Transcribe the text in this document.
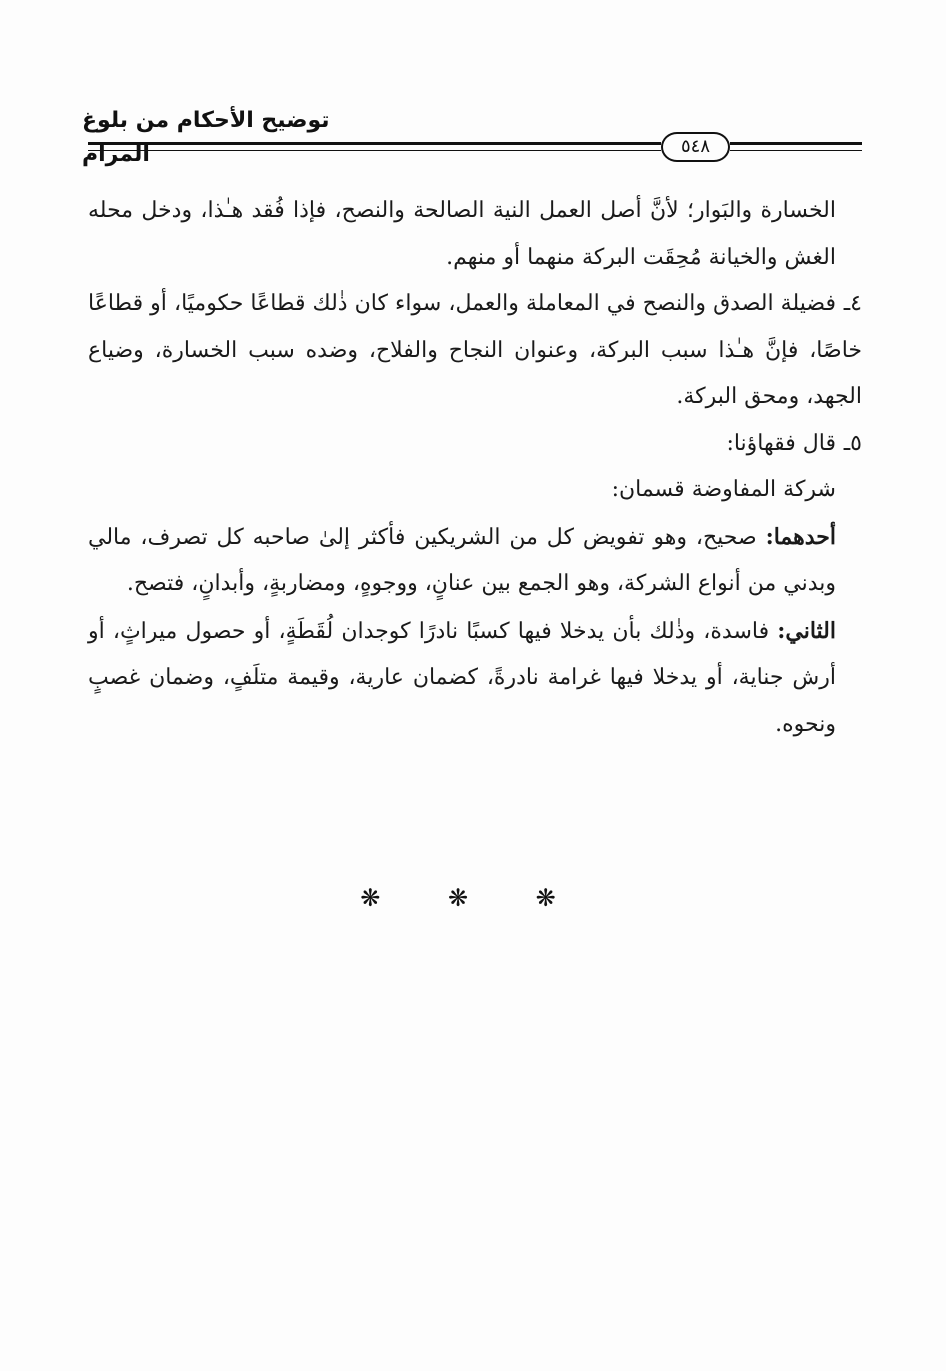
توضيح الأحكام من بلوغ المرام	٥٤٨

الخسارة والبَوار؛ لأنَّ أصل العمل النية الصالحة والنصح، فإذا فُقد هـٰذا، ودخل محله الغش والخيانة مُحِقَت البركة منهما أو منهم.

٤ـفضيلة الصدق والنصح في المعاملة والعمل، سواء كان ذٰلك قطاعًا حكوميًا، أو قطاعًا خاصًا، فإنَّ هـٰذا سبب البركة، وعنوان النجاح والفلاح، وضده سبب الخسارة، وضياع الجهد، ومحق البركة.

٥ـقال فقهاؤنا:

شركة المفاوضة قسمان:

أحدهما: صحيح، وهو تفويض كل من الشريكين فأكثر إلىٰ صاحبه كل تصرف، مالي وبدني من أنواع الشركة، وهو الجمع بين عنانٍ، ووجوهٍ، ومضاربةٍ، وأبدانٍ، فتصح.

الثاني: فاسدة، وذٰلك بأن يدخلا فيها كسبًا نادرًا كوجدان لُقَطَةٍ، أو حصول ميراثٍ، أو أرش جناية، أو يدخلا فيها غرامة نادرةً، كضمان عارية، وقيمة متلَفٍ، وضمان غصبٍ ونحوه.

❋ ❋ ❋
